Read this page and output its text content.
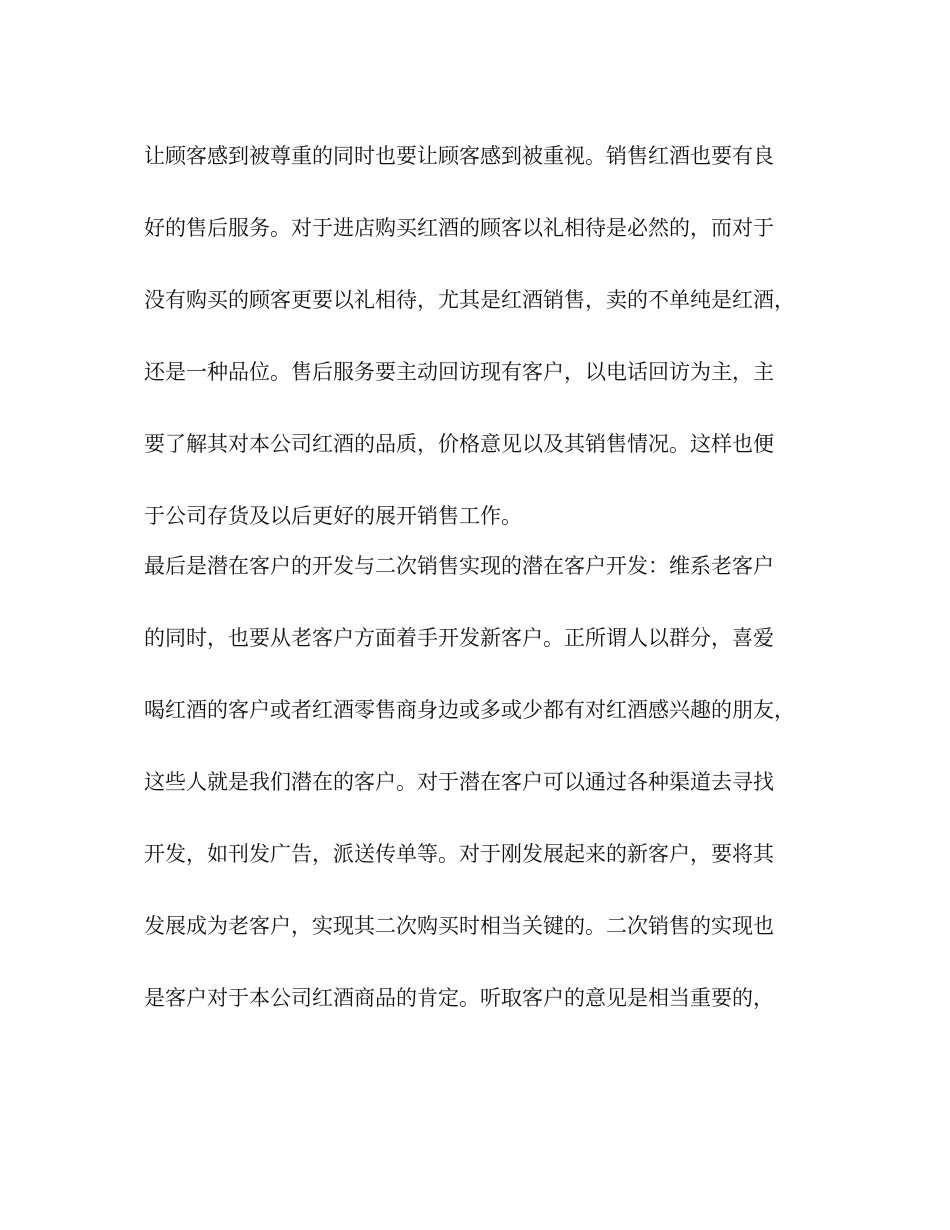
让顾客感到被尊重的同时也要让顾客感到被重视。销售红酒也要有良
好的售后服务。对于进店购买红酒的顾客以礼相待是必然的，而对于
没有购买的顾客更要以礼相待，尤其是红酒销售，卖的不单纯是红酒，
还是一种品位。售后服务要主动回访现有客户，以电话回访为主，主
要了解其对本公司红酒的品质，价格意见以及其销售情况。这样也便
于公司存货及以后更好的展开销售工作。
最后是潜在客户的开发与二次销售实现的潜在客户开发：维系老客户
的同时，也要从老客户方面着手开发新客户。正所谓人以群分，喜爱
喝红酒的客户或者红酒零售商身边或多或少都有对红酒感兴趣的朋友，
这些人就是我们潜在的客户。对于潜在客户可以通过各种渠道去寻找
开发，如刊发广告，派送传单等。对于刚发展起来的新客户，要将其
发展成为老客户，实现其二次购买时相当关键的。二次销售的实现也
是客户对于本公司红酒商品的肯定。听取客户的意见是相当重要的，
